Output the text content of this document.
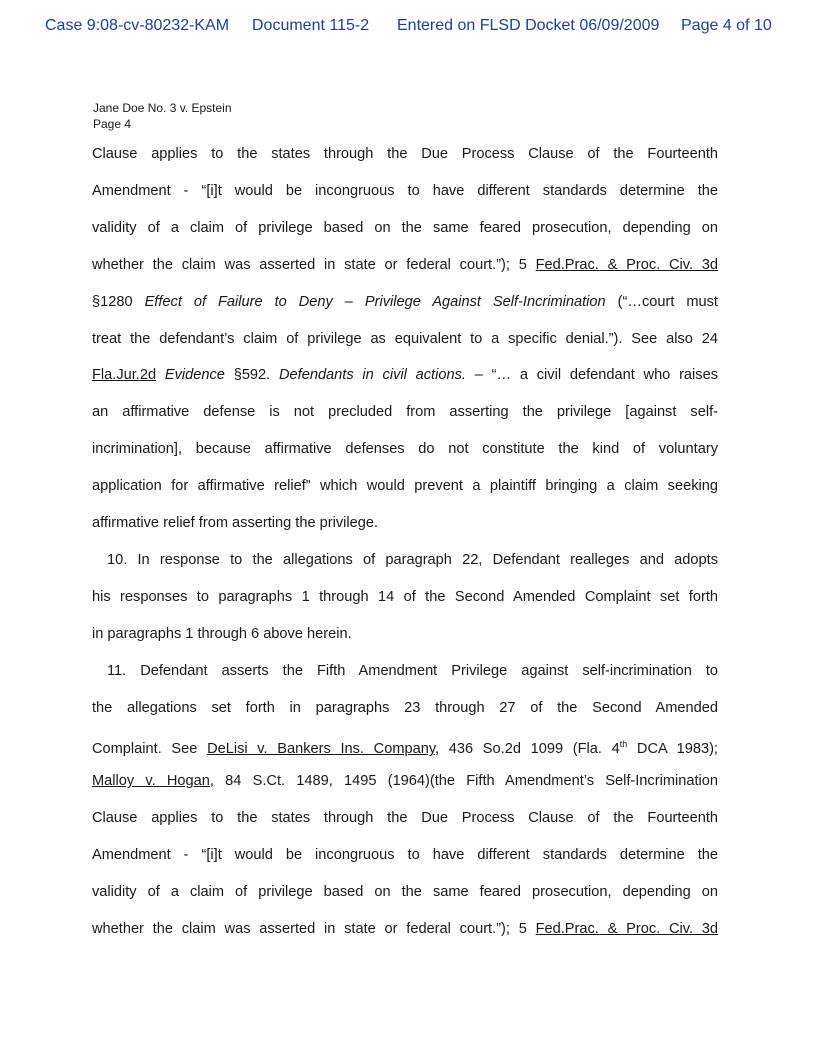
Case 9:08-cv-80232-KAM Document 115-2 Entered on FLSD Docket 06/09/2009 Page 4 of 10
Jane Doe No. 3 v. Epstein
Page 4
Clause applies to the states through the Due Process Clause of the Fourteenth
Amendment - “[i]t would be incongruous to have different standards determine the
validity of a claim of privilege based on the same feared prosecution, depending on
whether the claim was asserted in state or federal court.”); 5 Fed.Prac. & Proc. Civ. 3d
§1280 Effect of Failure to Deny – Privilege Against Self-Incrimination (“…court must
treat the defendant’s claim of privilege as equivalent to a specific denial.”). See also 24
Fla.Jur.2d Evidence §592. Defendants in civil actions. – “… a civil defendant who raises
an affirmative defense is not precluded from asserting the privilege [against self-
incrimination], because affirmative defenses do not constitute the kind of voluntary
application for affirmative relief” which would prevent a plaintiff bringing a claim seeking
affirmative relief from asserting the privilege.
10. In response to the allegations of paragraph 22, Defendant realleges and adopts
his responses to paragraphs 1 through 14 of the Second Amended Complaint set forth
in paragraphs 1 through 6 above herein.
11. Defendant asserts the Fifth Amendment Privilege against self-incrimination to
the allegations set forth in paragraphs 23 through 27 of the Second Amended
Complaint. See DeLisi v. Bankers Ins. Company, 436 So.2d 1099 (Fla. 4th DCA 1983);
Malloy v. Hogan, 84 S.Ct. 1489, 1495 (1964)(the Fifth Amendment’s Self-Incrimination
Clause applies to the states through the Due Process Clause of the Fourteenth
Amendment - “[i]t would be incongruous to have different standards determine the
validity of a claim of privilege based on the same feared prosecution, depending on
whether the claim was asserted in state or federal court.”); 5 Fed.Prac. & Proc. Civ. 3d
